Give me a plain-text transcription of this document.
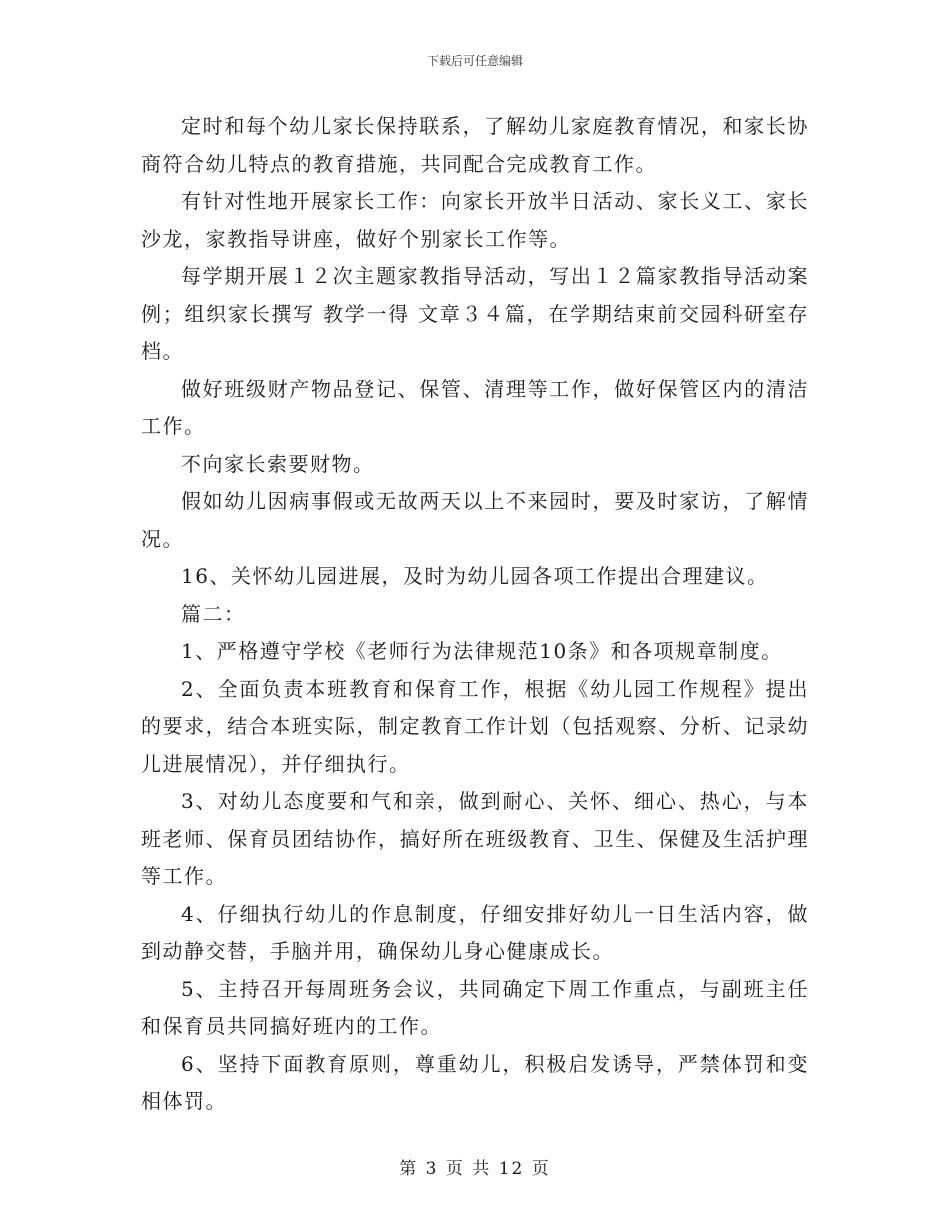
下载后可任意编辑

定时和每个幼儿家长保持联系，了解幼儿家庭教育情况，和家长协商符合幼儿特点的教育措施，共同配合完成教育工作。

有针对性地开展家长工作：向家长开放半日活动、家长义工、家长沙龙，家教指导讲座，做好个别家长工作等。

每学期开展１２次主题家教指导活动，写出１２篇家教指导活动案例；组织家长撰写 教学一得 文章３４篇，在学期结束前交园科研室存档。

做好班级财产物品登记、保管、清理等工作，做好保管区内的清洁工作。

不向家长索要财物。

假如幼儿因病事假或无故两天以上不来园时，要及时家访，了解情况。

16、关怀幼儿园进展，及时为幼儿园各项工作提出合理建议。

篇二：

1、严格遵守学校《老师行为法律规范10条》和各项规章制度。

2、全面负责本班教育和保育工作，根据《幼儿园工作规程》提出的要求，结合本班实际，制定教育工作计划（包括观察、分析、记录幼儿进展情况），并仔细执行。

3、对幼儿态度要和气和亲，做到耐心、关怀、细心、热心，与本班老师、保育员团结协作，搞好所在班级教育、卫生、保健及生活护理等工作。

4、仔细执行幼儿的作息制度，仔细安排好幼儿一日生活内容，做到动静交替，手脑并用，确保幼儿身心健康成长。

5、主持召开每周班务会议，共同确定下周工作重点，与副班主任和保育员共同搞好班内的工作。

6、坚持下面教育原则，尊重幼儿，积极启发诱导，严禁体罚和变相体罚。

第 3 页 共 12 页
